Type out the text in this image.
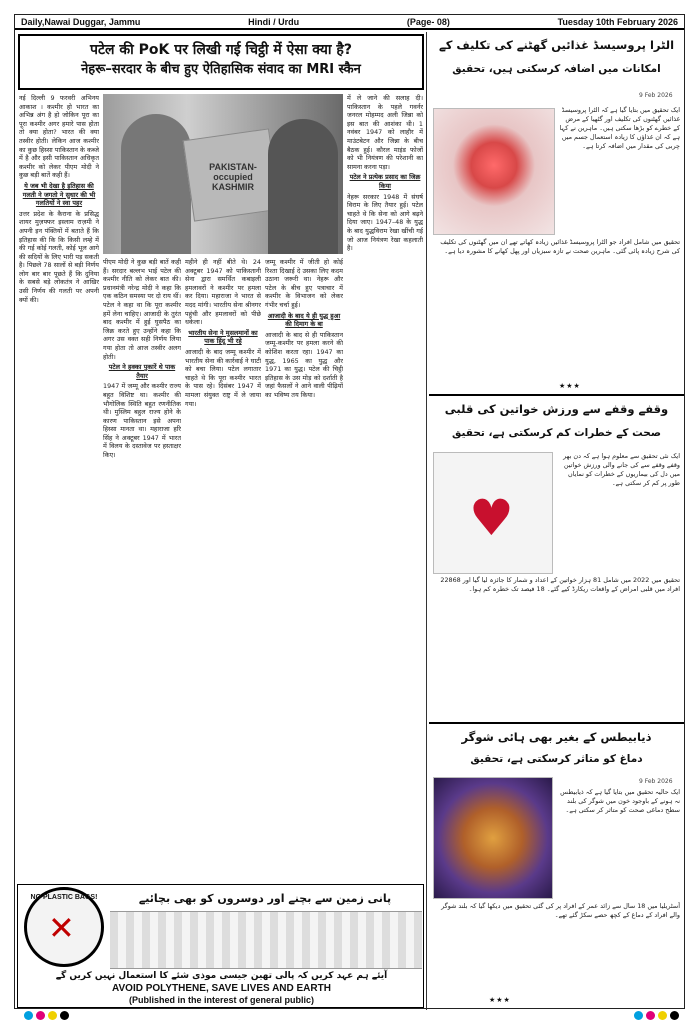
Daily,Nawai Duggar, Jammu	Hindi / Urdu	(Page- 08)	Tuesday 10th February 2026
पटेल की PoK पर लिखी गई चिट्ठी में ऐसा क्या है?
नेहरू–सरदार के बीच हुए ऐतिहासिक संवाद का MRI स्कैन
PAKISTAN-occupied KASHMIR

नई दिल्ली 9 फरवरी अभिनय आकाश । कश्मीर हो भारत का अभिन्न अंग है हो जोकिन पूरा का पूरा कश्मीर अगर हमारे पास होता तो क्या होता? भारत की क्या तस्वीर होती। लेकिन आज कश्मीर का कुछ हिस्सा पाकिस्तान के कब्जे में है और इसी पाकिस्तान अधिकृत कश्मीर को लेकर पीएम मोदी ने कुछ बड़ी बातें कही हैं।

ये जब भी देखा है इतिहास की गलती ने जगतो ने सुधार की भी गलतियों ने स्वा पहर

उत्तर प्रदेश के कैराना के प्रसिद्ध शायर मुज़फ्फर इस्लाम राज़मी ने अपनी इन पंक्तियों में बताते हैं कि इतिहास की कि कि किसी लम्हे में की गई कोई गलती, कोई भूल आगे की सदियों के लिए भारी पड़ सकती है। पिछले 78 सालों से बड़ी निर्णय लोग बार बार पूछते हैं कि दुनिया के सबसे बड़े लोकतंत्र ने आखिर उसी निर्णय की गलती पर अपनी क्यों की।

पीएम मोदी ने कुछ बड़ी बातें कही हैं। सरदार बल्लभ भाई पटेल की कश्मीर नीति को लेकर बात की। प्रधानमंत्री नरेन्द्र मोदी ने कहा कि एक कठिन समस्या पर दो राय थीं। पटेल ने कहा था कि पूरा कश्मीर हमें लेना चाहिए। आजादी के तुरंत बाद कश्मीर में हुई घुसपैठ का जिक्र करते हुए उन्होंने कहा कि अगर उस वक्त सही निर्णय लिया गया होता तो आज तस्वीर अलग होती।

पटेल ने हक्का पुकारें थे पाक तैयार

1947 में जम्मू और कश्मीर राज्य बहुत विशिष्ट था। कश्मीर की भौगोलिक स्थिति बहुत रणनीतिक थी। मुस्लिम बहुल राज्य होने के कारण पाकिस्तान इसे अपना हिस्सा मानता था। महाराजा हरि सिंह ने अक्टूबर 1947 में भारत में विलय के दस्तावेज पर हस्ताक्षर किए।

महीने ही नहीं बीते थे। 24 अक्टूबर 1947 को पाकिस्तानी सेना द्वारा समर्थित कबाइली हमलावरों ने कश्मीर पर हमला कर दिया। महाराजा ने भारत से मदद मांगी। भारतीय सेना श्रीनगर पहुंची और हमलावरों को पीछे धकेला।

भारतीय सेना ने मुसलमानों का पाक हिंदू भी रहे

आजादी के बाद जम्मू कश्मीर में भारतीय सेना की कार्रवाई ने घाटी को बचा लिया। पटेल लगातार चाहते थे कि पूरा कश्मीर भारत के पास रहे। दिसंबर 1947 में मामला संयुक्त राष्ट्र में ले जाया गया।

जम्मू कश्मीर में जीती हो कोई रिश्ता दिखाई दे उसका लिए कदम उठाना जरूरी था। नेहरू और पटेल के बीच हुए पत्राचार में कश्मीर के विभाजन को लेकर गंभीर चर्चा हुई।

आजादी के बाद ये ही युद्ध हुआ की दिमाग के बा

आजादी के बाद से ही पाकिस्तान जम्मू-कश्मीर पर हमला करने की कोशिश करता रहा। 1947 का युद्ध, 1965 का युद्ध और 1971 का युद्ध। पटेल की चिट्ठी इतिहास के उस मोड़ को दर्शाती है जहां फैसलों ने आने वाली पीढ़ियों का भविष्य तय किया।

में ले जाने की सलाह दी। पाकिस्तान के पहले गवर्नर जनरल मोहम्मद अली जिन्ना को इस बात की आशंका थी। 1 नवंबर 1947 को लाहौर में माउंटबेटन और जिन्ना के बीच बैठक हुई। कौरल माइंड फोजों को भी नियंत्रण की परेशानी का सामना करना पड़ा।

पटेल ने प्रत्येक प्रसाद का जिक्र किया

नेहरू सरकार 1948 में संघर्ष विराम के लिए तैयार हुई। पटेल चाहते थे कि सेना को आगे बढ़ने दिया जाए। 1947–48 के युद्ध के बाद युद्धविराम रेखा खींची गई जो आज नियंत्रण रेखा कहलाती है।

NO PLASTIC BAGS!
✕
پانی زمین سے بچنے اور دوسروں کو بھی بچائیے
آیئے ہم عہد کریں کہ پالی تھین جیسی موذی شئے کا استعمال نہیں کریں گے
AVOID POLYTHENE, SAVE LIVES AND EARTH
(Published in the interest of general public)
الٹرا پروسیسڈ غذائیں گھٹنے کی تکلیف کے
امکانات میں اضافہ کرسکتی ہیں، تحقیق
9 Feb 2026
ایک تحقیق میں بتایا گیا ہے کہ الٹرا پروسیسڈ غذائیں گھٹنوں کی تکلیف اور گٹھیا کے مرض کے خطرے کو بڑھا سکتی ہیں۔ ماہرین نے کہا ہے کہ ان غذاؤں کا زیادہ استعمال جسم میں چربی کی مقدار میں اضافہ کرتا ہے۔
تحقیق میں شامل افراد جو الٹرا پروسیسڈ غذائیں زیادہ کھاتے تھے ان میں گھٹنوں کی تکلیف کی شرح زیادہ پائی گئی۔ ماہرین صحت نے تازہ سبزیاں اور پھل کھانے کا مشورہ دیا ہے۔
★★★
وقفے وقفے سے ورزش خواتین کی قلبی
صحت کے خطرات کم کرسکتی ہے، تحقیق
♥
ایک نئی تحقیق سے معلوم ہوا ہے کہ دن بھر وقفے وقفے سے کی جانے والی ورزش خواتین میں دل کی بیماریوں کے خطرات کو نمایاں طور پر کم کر سکتی ہے۔
تحقیق میں 2022 میں شامل 81 ہزار خواتین کے اعداد و شمار کا جائزہ لیا گیا اور 22868 افراد میں قلبی امراض کے واقعات ریکارڈ کیے گئے۔ 18 فیصد تک خطرہ کم ہوا۔
ذیابیطس کے بغیر بھی ہائی شوگر
دماغ کو متاثر کرسکتی ہے، تحقیق
9 Feb 2026
ایک حالیہ تحقیق میں بتایا گیا ہے کہ ذیابیطس نہ ہونے کے باوجود خون میں شوگر کی بلند سطح دماغی صحت کو متاثر کر سکتی ہے۔
آسٹریلیا میں 18 سال سے زائد عمر کے افراد پر کی گئی تحقیق میں دیکھا گیا کہ بلند شوگر والے افراد کے دماغ کے کچھ حصے سکڑ گئے تھے۔
★★★
